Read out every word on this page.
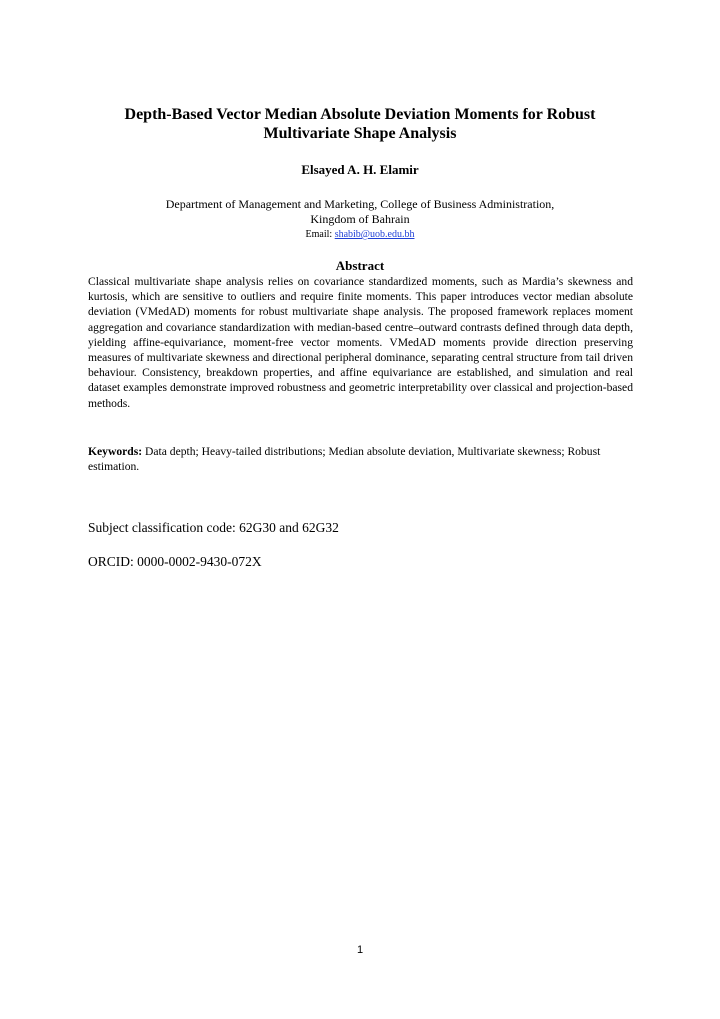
Depth-Based Vector Median Absolute Deviation Moments for Robust
Multivariate Shape Analysis
Elsayed A. H. Elamir
Department of Management and Marketing, College of Business Administration,
Kingdom of Bahrain
Email: shabib@uob.edu.bh
Abstract

Classical multivariate shape analysis relies on covariance standardized moments, such as Mardia’s skewness and kurtosis, which are sensitive to outliers and require finite moments. This paper introduces vector median absolute deviation (VMedAD) moments for robust multivariate shape analysis. The proposed framework replaces moment aggregation and covariance standardization with median-based centre–outward contrasts defined through data depth, yielding affine-equivariance, moment-free vector moments. VMedAD moments provide direction preserving measures of multivariate skewness and directional peripheral dominance, separating central structure from tail driven behaviour. Consistency, breakdown properties, and affine equivariance are established, and simulation and real dataset examples demonstrate improved robustness and geometric interpretability over classical and projection-based methods.

Keywords: Data depth; Heavy-tailed distributions; Median absolute deviation, Multivariate skewness; Robust estimation.

Subject classification code: 62G30 and 62G32

ORCID: 0000-0002-9430-072X

1
